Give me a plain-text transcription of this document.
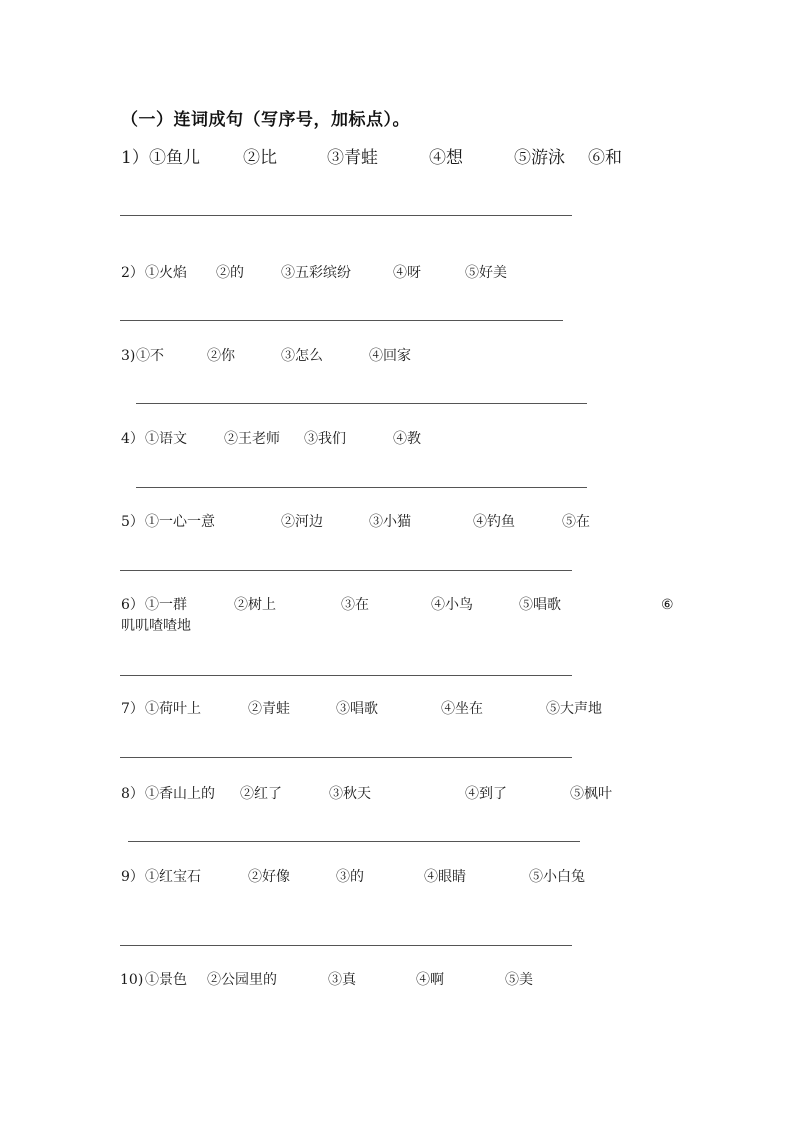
（一）连词成句（写序号，加标点）。
1） ①鱼儿	②比	③青蛙	④想	⑤游泳 ⑥和
2） ①火焰 ②的	③五彩缤纷	④呀	⑤好美
3) ①不	②你	③怎么	④回家
4） ①语文	②王老师 ③我们	④教
5） ①一心一意	②河边	③小猫	④钓鱼	⑤在
6） ①一群	②树上	③在	④小鸟	⑤唱歌	⑥
叽叽喳喳地
7） ①荷叶上	②青蛙	③唱歌	④坐在	⑤大声地
8） ①香山上的 ②红了	③秋天	④到了	⑤枫叶
9） ①红宝石	②好像	③的	④眼睛	⑤小白兔
10) ①景色 ②公园里的	③真	④啊	⑤美
